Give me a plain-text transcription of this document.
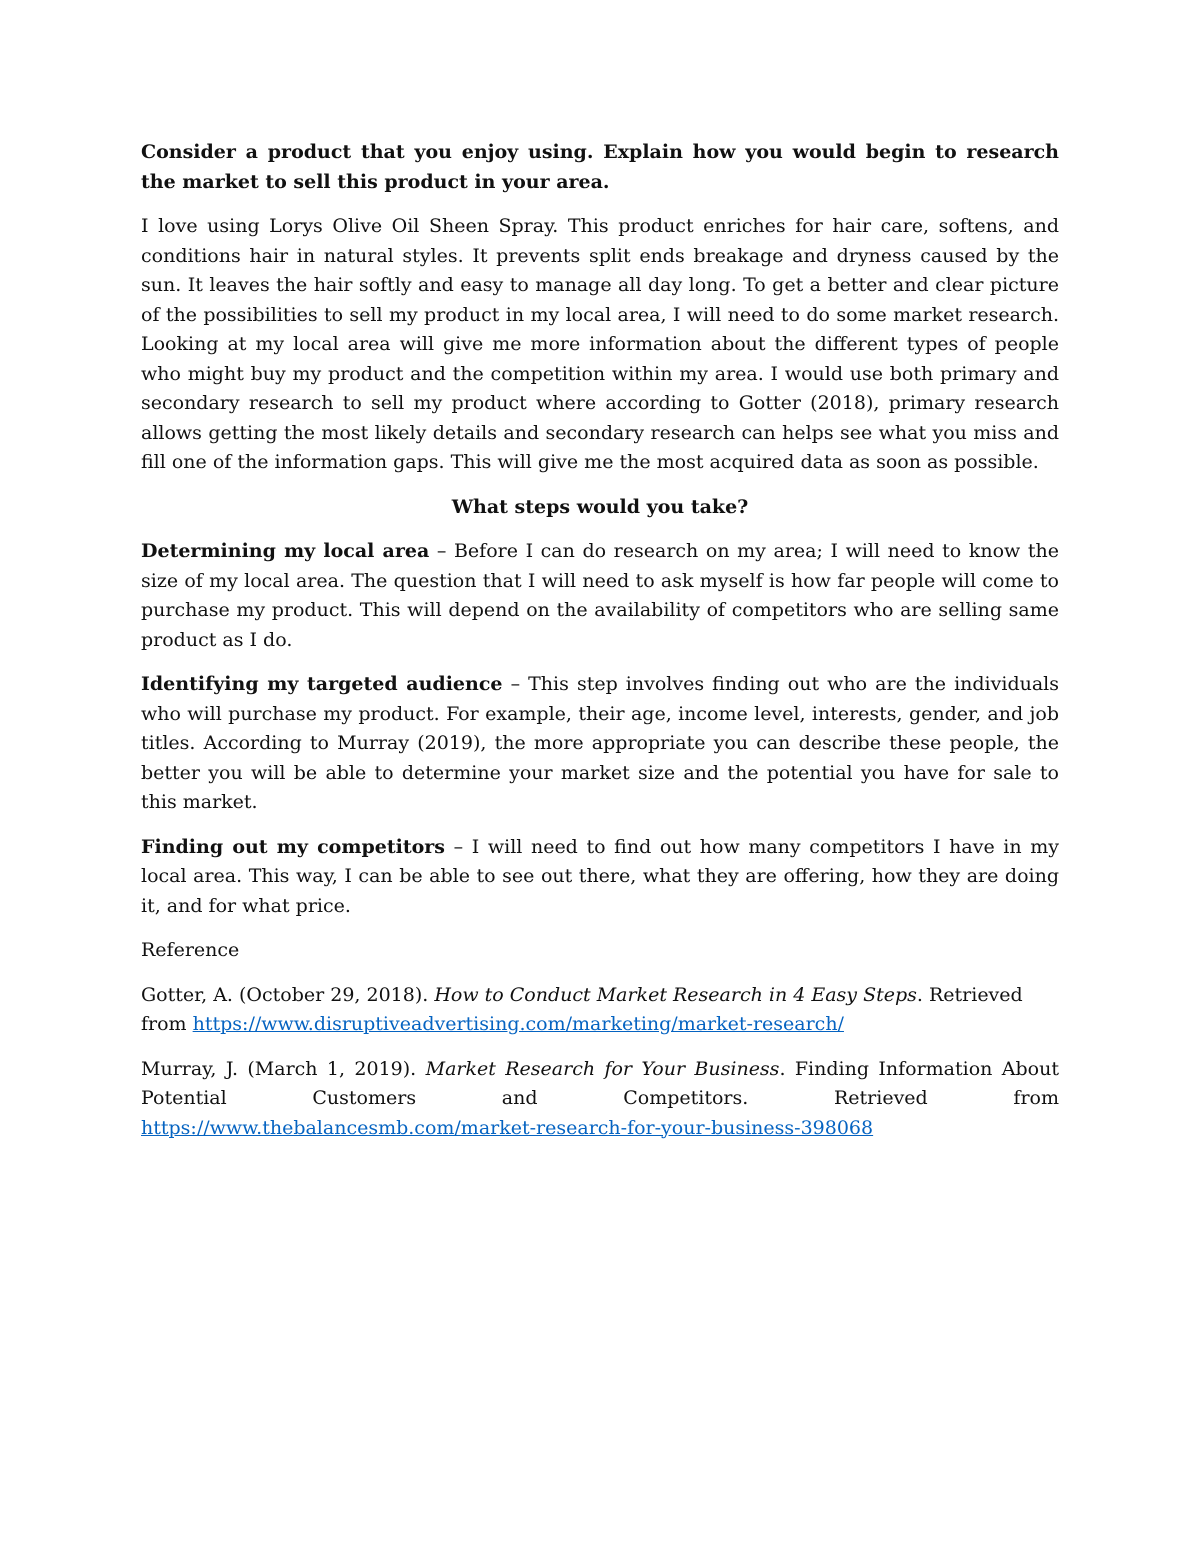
Consider a product that you enjoy using. Explain how you would begin to research the market to sell this product in your area.

I love using Lorys Olive Oil Sheen Spray. This product enriches for hair care, softens, and conditions hair in natural styles. It prevents split ends breakage and dryness caused by the sun. It leaves the hair softly and easy to manage all day long. To get a better and clear picture of the possibilities to sell my product in my local area, I will need to do some market research. Looking at my local area will give me more information about the different types of people who might buy my product and the competition within my area. I would use both primary and secondary research to sell my product where according to Gotter (2018), primary research allows getting the most likely details and secondary research can helps see what you miss and fill one of the information gaps. This will give me the most acquired data as soon as possible.

What steps would you take?

Determining my local area – Before I can do research on my area; I will need to know the size of my local area. The question that I will need to ask myself is how far people will come to purchase my product. This will depend on the availability of competitors who are selling same product as I do.

Identifying my targeted audience – This step involves finding out who are the individuals who will purchase my product. For example, their age, income level, interests, gender, and job titles. According to Murray (2019), the more appropriate you can describe these people, the better you will be able to determine your market size and the potential you have for sale to this market.

Finding out my competitors – I will need to find out how many competitors I have in my local area. This way, I can be able to see out there, what they are offering, how they are doing it, and for what price.

Reference

Gotter, A. (October 29, 2018). How to Conduct Market Research in 4 Easy Steps. Retrieved from https://www.disruptiveadvertising.com/marketing/market-research/

Murray, J. (March 1, 2019). Market Research for Your Business. Finding Information About Potential Customers and Competitors. Retrieved from https://www.thebalancesmb.com/market-research-for-your-business-398068
